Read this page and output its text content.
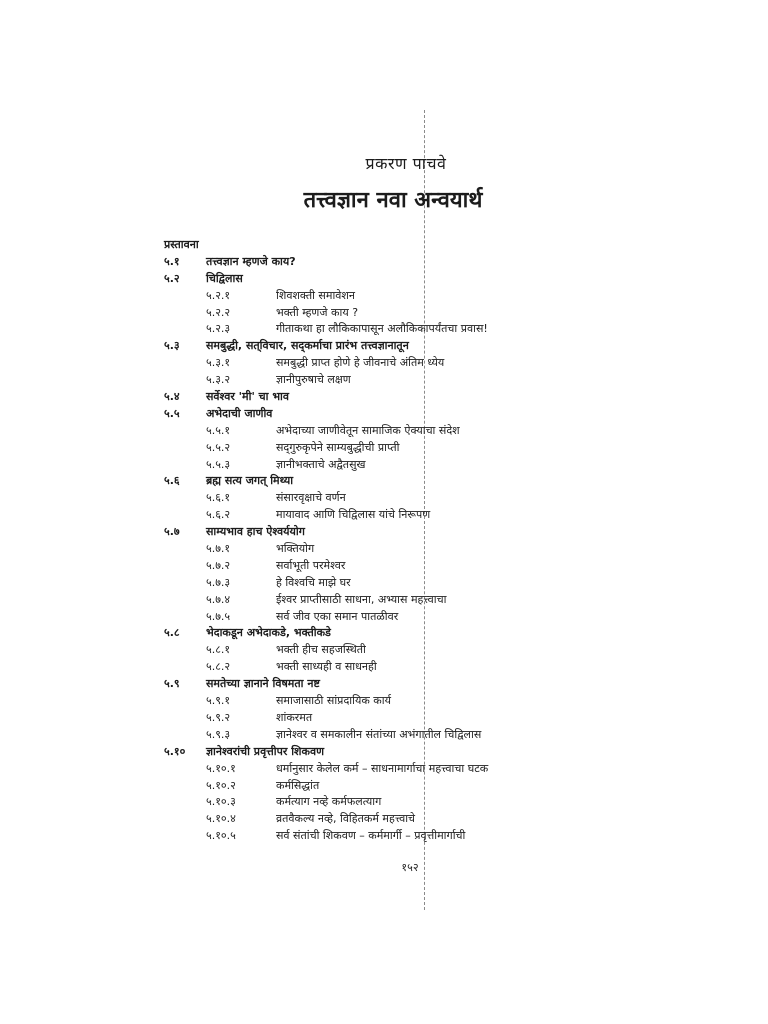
प्रकरण पाचवे
तत्त्वज्ञान नवा अन्वयार्थ
प्रस्तावना
५.१ तत्त्वज्ञान म्हणजे काय?
५.२ चिद्विलास
५.२.१	शिवशक्ती समावेशन
५.२.२	भक्ती म्हणजे काय ?
५.२.३	गीताकथा हा लौकिकापासून अलौकिकापर्यंतचा प्रवास!
५.३ समबुद्धी, सत्‌विचार, सद्‌कर्माचा प्रारंभ तत्त्वज्ञानातून
५.३.१	समबुद्धी प्राप्त होणे हे जीवनाचे अंतिम ध्येय
५.३.२	ज्ञानीपुरुषाचे लक्षण
५.४ सर्वेश्वर 'मी' चा भाव
५.५ अभेदाची जाणीव
५.५.१	अभेदाच्या जाणीवेतून सामाजिक ऐक्याचा संदेश
५.५.२	सद्‌गुरुकृपेने साम्यबुद्धीची प्राप्ती
५.५.३	ज्ञानीभक्ताचे अद्वैतसुख
५.६ ब्रह्म सत्य जगत् मिथ्या
५.६.१	संसारवृक्षाचे वर्णन
५.६.२	मायावाद आणि चिद्विलास यांचे निरूपण
५.७ साम्यभाव हाच ऐश्वर्ययोग
५.७.१	भक्तियोग
५.७.२	सर्वाभूती परमेश्वर
५.७.३	हे विश्वचि माझे घर
५.७.४	ईश्वर प्राप्तीसाठी साधना, अभ्यास महत्त्वाचा
५.७.५	सर्व जीव एका समान पातळीवर
५.८ भेदाकडून अभेदाकडे, भक्तीकडे
५.८.१	भक्ती हीच सहजस्थिती
५.८.२	भक्ती साध्यही व साधनही
५.९ समतेच्या ज्ञानाने विषमता नष्ट
५.९.१	समाजासाठी सांप्रदायिक कार्य
५.९.२	शांकरमत
५.९.३	ज्ञानेश्वर व समकालीन संतांच्या अभंगातील चिद्विलास
५.१० ज्ञानेश्वरांची प्रवृत्तीपर शिकवण
५.१०.१	धर्मानुसार केलेल कर्म – साधनामार्गाचा महत्त्वाचा घटक
५.१०.२	कर्मसिद्धांत
५.१०.३	कर्मत्याग नव्हे कर्मफलत्याग
५.१०.४	व्रतवैकल्य नव्हे, विहितकर्म महत्त्वाचे
५.१०.५	सर्व संतांची शिकवण – कर्ममार्गी – प्रवृत्तीमार्गाची
१५२
